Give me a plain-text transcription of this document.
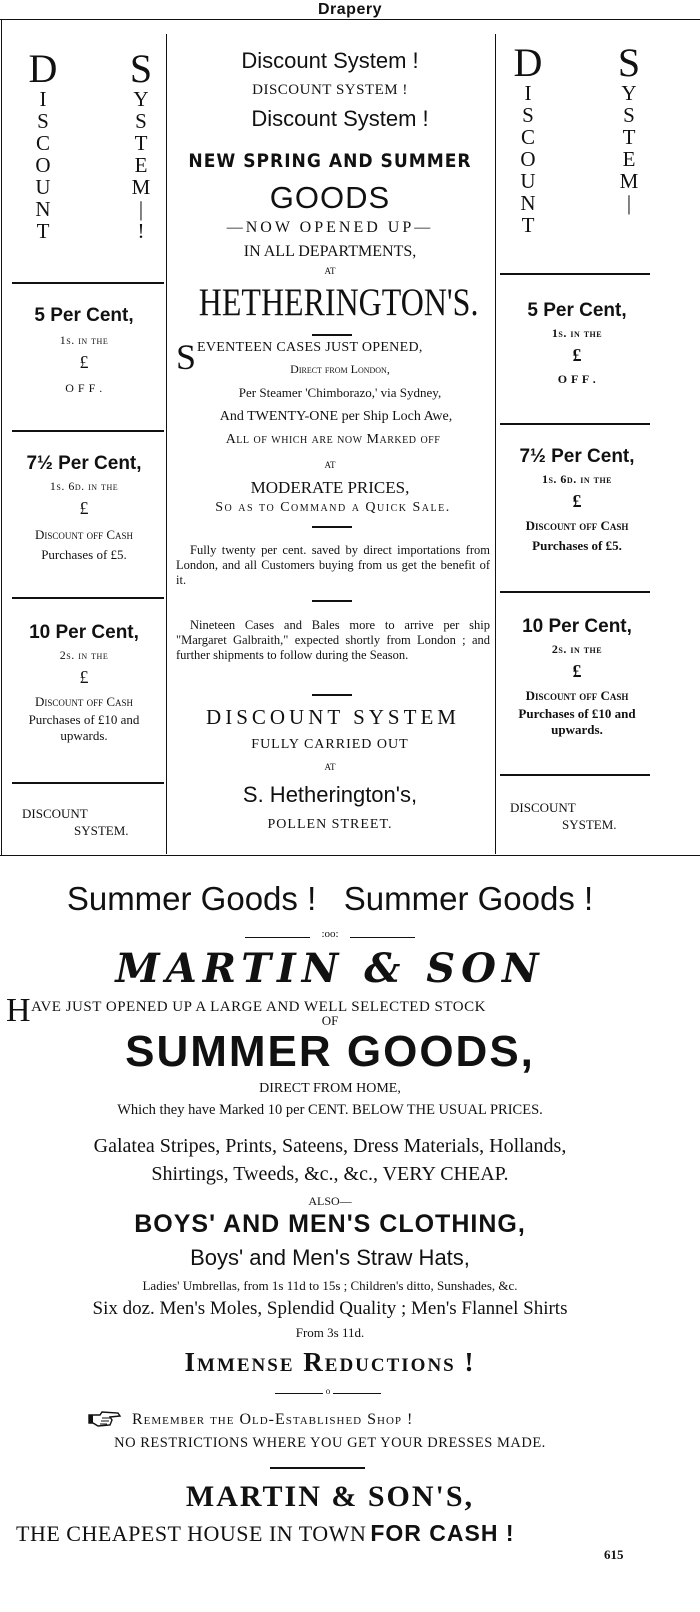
Drapery
D
I
S
C
O
U
N
T
S
Y
S
T
E
M
|
!
5 Per Cent,
1s. in the
£
O F F .
7½ Per Cent,
1s. 6d. in the
£
Discount off Cash
Purchases of £5.
10 Per Cent,
2s. in the
£
Discount off Cash
Purchases of £10 and
upwards.
DISCOUNT
SYSTEM.
D
I
S
C
O
U
N
T
S
Y
S
T
E
M
|
5 Per Cent,
1s. in the
£
O F F .
7½ Per Cent,
1s. 6d. in the
£
Discount off Cash
Purchases of £5.
10 Per Cent,
2s. in the
£
Discount off Cash
Purchases of £10 and
upwards.
DISCOUNT
SYSTEM.
Discount System !
DISCOUNT SYSTEM !
Discount System !
NEW SPRING AND SUMMER
GOODS
—NOW OPENED UP—
IN ALL DEPARTMENTS,
AT
HETHERINGTON'S.
S EVENTEEN CASES JUST OPENED,
Direct from London,
Per Steamer 'Chimborazo,' via Sydney,
And TWENTY-ONE per Ship Loch Awe,
All of which are now Marked off
AT
MODERATE PRICES,
So as to Command a Quick Sale.
Fully twenty per cent. saved by direct importations from London, and all Customers buying from us get the benefit of it.
Nineteen Cases and Bales more to arrive per ship "Margaret Galbraith," expected shortly from London ; and further shipments to follow during the Season.
DISCOUNT SYSTEM
FULLY CARRIED OUT
AT
S. Hetherington's,
POLLEN STREET.
Summer Goods !   Summer Goods !
:oo:
MARTIN & SON
HAVE JUST OPENED UP A LARGE AND WELL SELECTED STOCK
OF
SUMMER GOODS,
DIRECT FROM HOME,
Which they have Marked 10 per CENT. BELOW THE USUAL PRICES.
Galatea Stripes, Prints, Sateens, Dress Materials, Hollands,
Shirtings, Tweeds, &c., &c., VERY CHEAP.
ALSO—
BOYS' AND MEN'S CLOTHING,
Boys' and Men's Straw Hats,
Ladies' Umbrellas, from 1s 11d to 15s ; Children's ditto, Sunshades, &c.
Six doz. Men's Moles, Splendid Quality ; Men's Flannel Shirts
From 3s 11d.
Immense Reductions !
o
Remember the Old-Established Shop !
NO RESTRICTIONS WHERE YOU GET YOUR DRESSES MADE.
MARTIN & SON'S,
THE CHEAPEST HOUSE IN TOWN FOR CASH !
615
